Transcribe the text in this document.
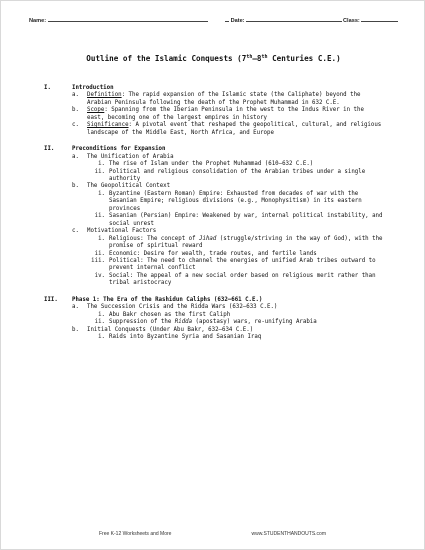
Name:	Date:	Class:
Outline of the Islamic Conquests (7th–8th Centuries C.E.)
I.	Introduction
a.	Definition: The rapid expansion of the Islamic state (the Caliphate) beyond the Arabian Peninsula following the death of the Prophet Muhammad in 632 C.E.
b.	Scope: Spanning from the Iberian Peninsula in the west to the Indus River in the east, becoming one of the largest empires in history
c.	Significance: A pivotal event that reshaped the geopolitical, cultural, and religious landscape of the Middle East, North Africa, and Europe
II.	Preconditions for Expansion
a.	The Unification of Arabia
i. The rise of Islam under the Prophet Muhammad (610–632 C.E.)
ii. Political and religious consolidation of the Arabian tribes under a single authority
b.	The Geopolitical Context
i. Byzantine (Eastern Roman) Empire: Exhausted from decades of war with the Sasanian Empire; religious divisions (e.g., Monophysitism) in its eastern provinces
ii. Sasanian (Persian) Empire: Weakened by war, internal political instability, and social unrest
c.	Motivational Factors
i. Religious: The concept of Jihad (struggle/striving in the way of God), with the promise of spiritual reward
ii. Economic: Desire for wealth, trade routes, and fertile lands
iii. Political: The need to channel the energies of unified Arab tribes outward to prevent internal conflict
iv. Social: The appeal of a new social order based on religious merit rather than tribal aristocracy
III.	Phase 1: The Era of the Rashidun Caliphs (632–661 C.E.)
a.	The Succession Crisis and the Ridda Wars (632–633 C.E.)
i. Abu Bakr chosen as the first Caliph
ii. Suppression of the Ridda (apostasy) wars, re-unifying Arabia
b.	Initial Conquests (Under Abu Bakr, 632–634 C.E.)
i. Raids into Byzantine Syria and Sasanian Iraq
Free K-12 Worksheets and More	www.STUDENTHANDOUTS.com
